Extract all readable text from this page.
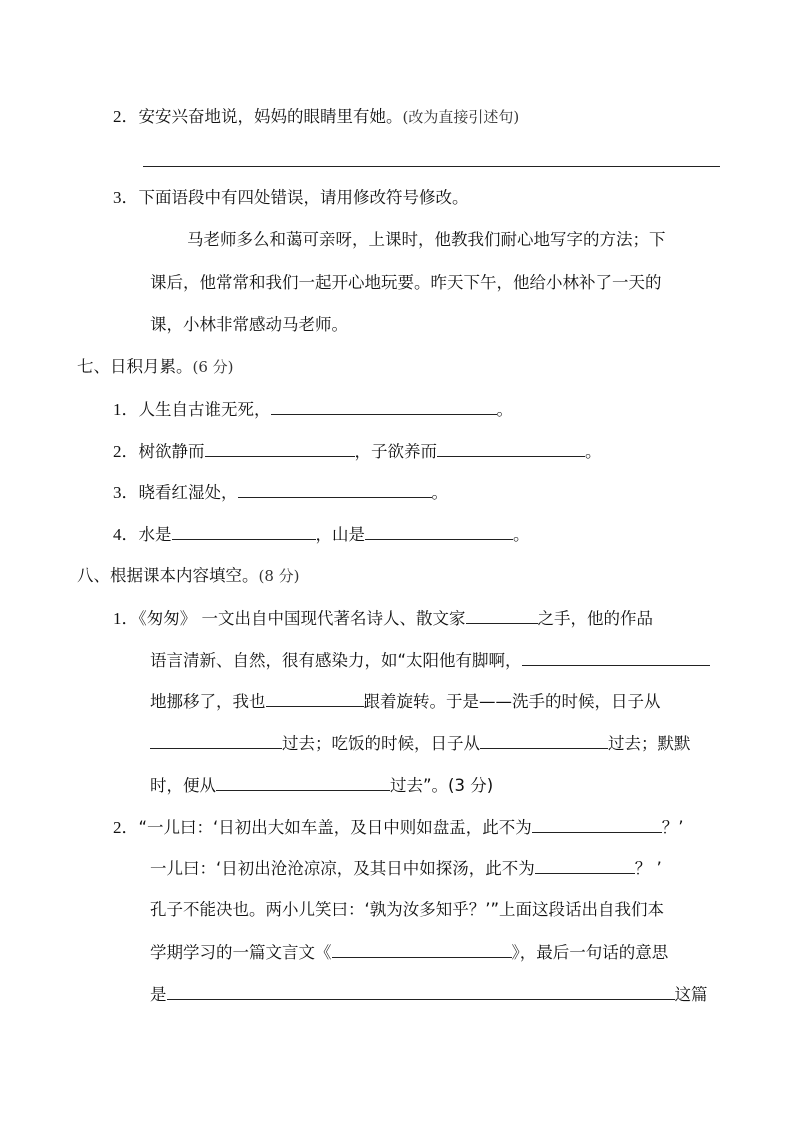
2．安安兴奋地说，妈妈的眼睛里有她。(改为直接引述句)
3．下面语段中有四处错误，请用修改符号修改。
马老师多么和蔼可亲呀，上课时，他教我们耐心地写字的方法；下
课后，他常常和我们一起开心地玩要。昨天下午，他给小林补了一天的
课，小林非常感动马老师。
七、日积月累。(6 分)
1．人生自古谁无死，	。
2．树欲静而	，子欲养而	。
3．晓看红湿处，	。
4．水是	，山是	。
八、根据课本内容填空。(8 分)
1．《匆匆》 一文出自中国现代著名诗人、散文家	之手，他的作品
语言清新、自然，很有感染力，如“太阳他有脚啊，
地挪移了，我也	跟着旋转。于是——洗手的时候，日子从
过去；吃饭的时候，日子从	过去；默默
时，便从	过去”。(3 分)
2．“一儿曰：‘日初出大如车盖，及日中则如盘盂，此不为	？’
一儿曰：‘日初出沧沧凉凉，及其日中如探汤，此不为	？ ’
孔子不能决也。两小儿笑曰：‘孰为汝多知乎？’”上面这段话出自我们本
学期学习的一篇文言文《	》，最后一句话的意思
是	这篇
